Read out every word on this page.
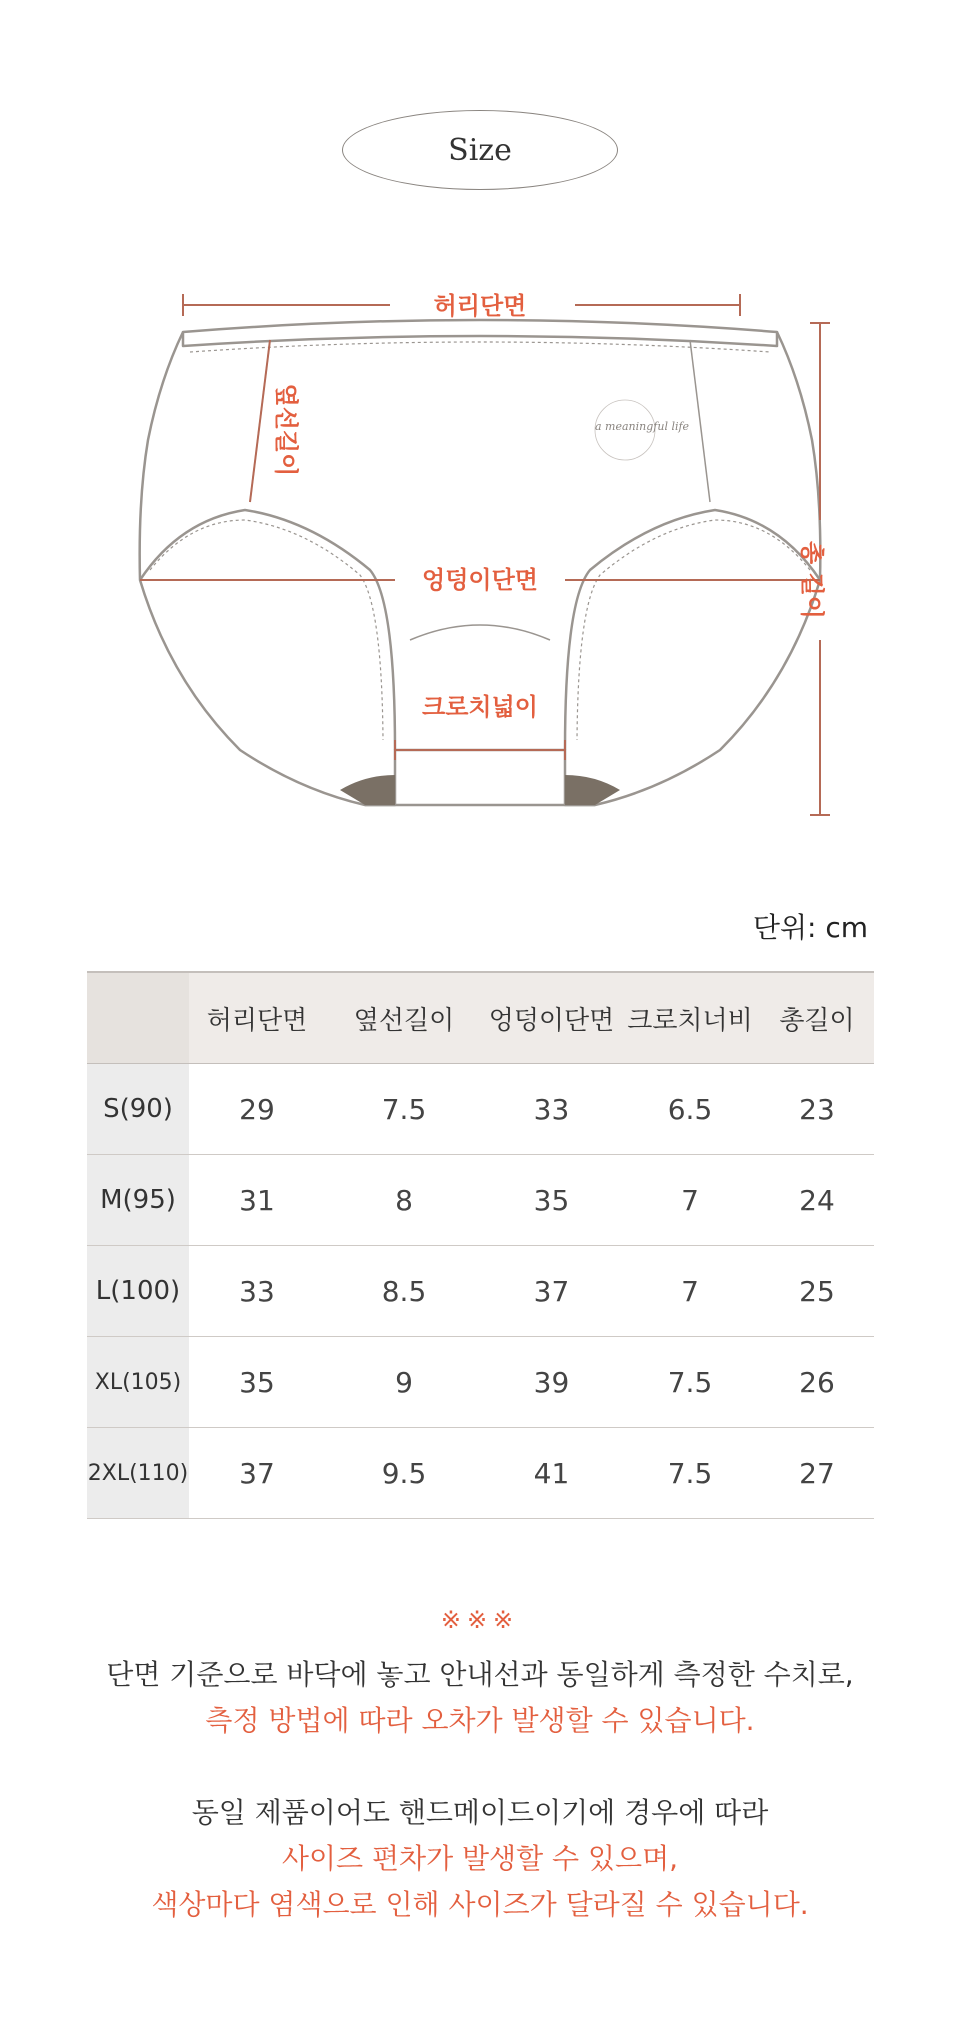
Size
a meaningful life
허리단면
옆선길이
엉덩이단면
크로치넓이
총 길이
단위: cm
	허리단면	옆선길이	엉덩이단면	크로치너비	총길이
S(90)	29	7.5	33	6.5	23
M(95)	31	8	35	7	24
L(100)	33	8.5	37	7	25
XL(105)	35	9	39	7.5	26
2XL(110)	37	9.5	41	7.5	27
※※※

단면 기준으로 바닥에 놓고 안내선과 동일하게 측정한 수치로,

측정 방법에 따라 오차가 발생할 수 있습니다.

동일 제품이어도 핸드메이드이기에 경우에 따라

사이즈 편차가 발생할 수 있으며,

색상마다 염색으로 인해 사이즈가 달라질 수 있습니다.
